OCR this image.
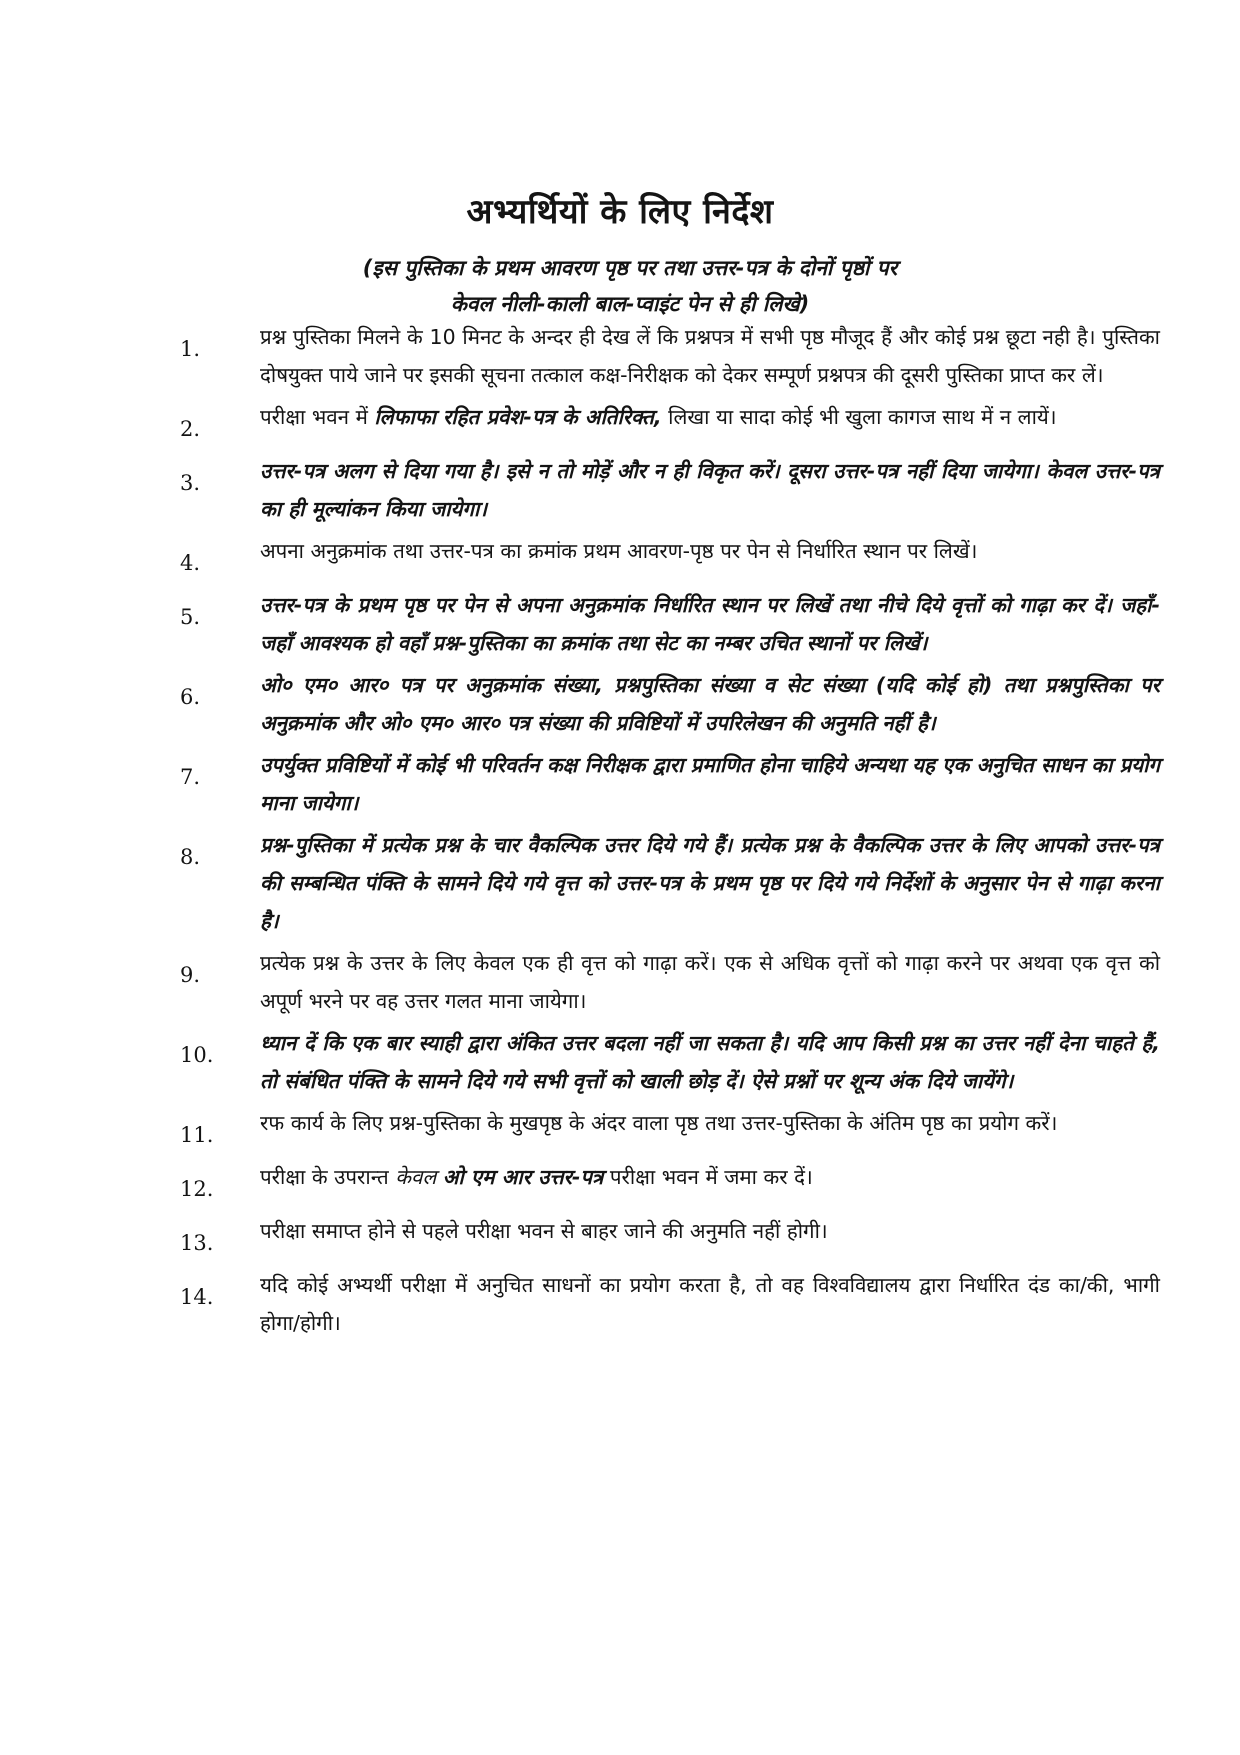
अभ्यर्थियों के लिए निर्देश
(इस पुस्तिका के प्रथम आवरण पृष्ठ पर तथा उत्तर-पत्र के दोनों पृष्ठों पर
केवल नीली-काली बाल-प्वाइंट पेन से ही लिखे)
1.	प्रश्न पुस्तिका मिलने के 10 मिनट के अन्दर ही देख लें कि प्रश्नपत्र में सभी पृष्ठ मौजूद हैं और कोई प्रश्न छूटा नही है। पुस्तिका दोषयुक्त पाये जाने पर इसकी सूचना तत्काल कक्ष-निरीक्षक को देकर सम्पूर्ण प्रश्नपत्र की दूसरी पुस्तिका प्राप्त कर लें।
2.	परीक्षा भवन में लिफाफा रहित प्रवेश-पत्र के अतिरिक्त, लिखा या सादा कोई भी खुला कागज साथ में न लायें।
3.	उत्तर-पत्र अलग से दिया गया है। इसे न तो मोड़ें और न ही विकृत करें। दूसरा उत्तर-पत्र नहीं दिया जायेगा। केवल उत्तर-पत्र का ही मूल्यांकन किया जायेगा।
4.	अपना अनुक्रमांक तथा उत्तर-पत्र का क्रमांक प्रथम आवरण-पृष्ठ पर पेन से निर्धारित स्थान पर लिखें।
5.	उत्तर-पत्र के प्रथम पृष्ठ पर पेन से अपना अनुक्रमांक निर्धारित स्थान पर लिखें तथा नीचे दिये वृत्तों को गाढ़ा कर दें। जहाँ-जहाँ आवश्यक हो वहाँ प्रश्न-पुस्तिका का क्रमांक तथा सेट का नम्बर उचित स्थानों पर लिखें।
6.	ओ० एम० आर० पत्र पर अनुक्रमांक संख्या, प्रश्नपुस्तिका संख्या व सेट संख्या (यदि कोई हो) तथा प्रश्नपुस्तिका पर अनुक्रमांक और ओ० एम० आर० पत्र संख्या की प्रविष्टियों में उपरिलेखन की अनुमति नहीं है।
7.	उपर्युक्त प्रविष्टियों में कोई भी परिवर्तन कक्ष निरीक्षक द्वारा प्रमाणित होना चाहिये अन्यथा यह एक अनुचित साधन का प्रयोग माना जायेगा।
8.	प्रश्न-पुस्तिका में प्रत्येक प्रश्न के चार वैकल्पिक उत्तर दिये गये हैं। प्रत्येक प्रश्न के वैकल्पिक उत्तर के लिए आपको उत्तर-पत्र की सम्बन्धित पंक्ति के सामने दिये गये वृत्त को उत्तर-पत्र के प्रथम पृष्ठ पर दिये गये निर्देशों के अनुसार पेन से गाढ़ा करना है।
9.	प्रत्येक प्रश्न के उत्तर के लिए केवल एक ही वृत्त को गाढ़ा करें। एक से अधिक वृत्तों को गाढ़ा करने पर अथवा एक वृत्त को अपूर्ण भरने पर वह उत्तर गलत माना जायेगा।
10.	ध्यान दें कि एक बार स्याही द्वारा अंकित उत्तर बदला नहीं जा सकता है। यदि आप किसी प्रश्न का उत्तर नहीं देना चाहते हैं, तो संबंधित पंक्ति के सामने दिये गये सभी वृत्तों को खाली छोड़ दें। ऐसे प्रश्नों पर शून्य अंक दिये जायेंगे।
11.	रफ कार्य के लिए प्रश्न-पुस्तिका के मुखपृष्ठ के अंदर वाला पृष्ठ तथा उत्तर-पुस्तिका के अंतिम पृष्ठ का प्रयोग करें।
12.	परीक्षा के उपरान्त केवल ओ एम आर उत्तर-पत्र परीक्षा भवन में जमा कर दें।
13.	परीक्षा समाप्त होने से पहले परीक्षा भवन से बाहर जाने की अनुमति नहीं होगी।
14.	यदि कोई अभ्यर्थी परीक्षा में अनुचित साधनों का प्रयोग करता है, तो वह विश्वविद्यालय द्वारा निर्धारित दंड का/की, भागी होगा/होगी।
